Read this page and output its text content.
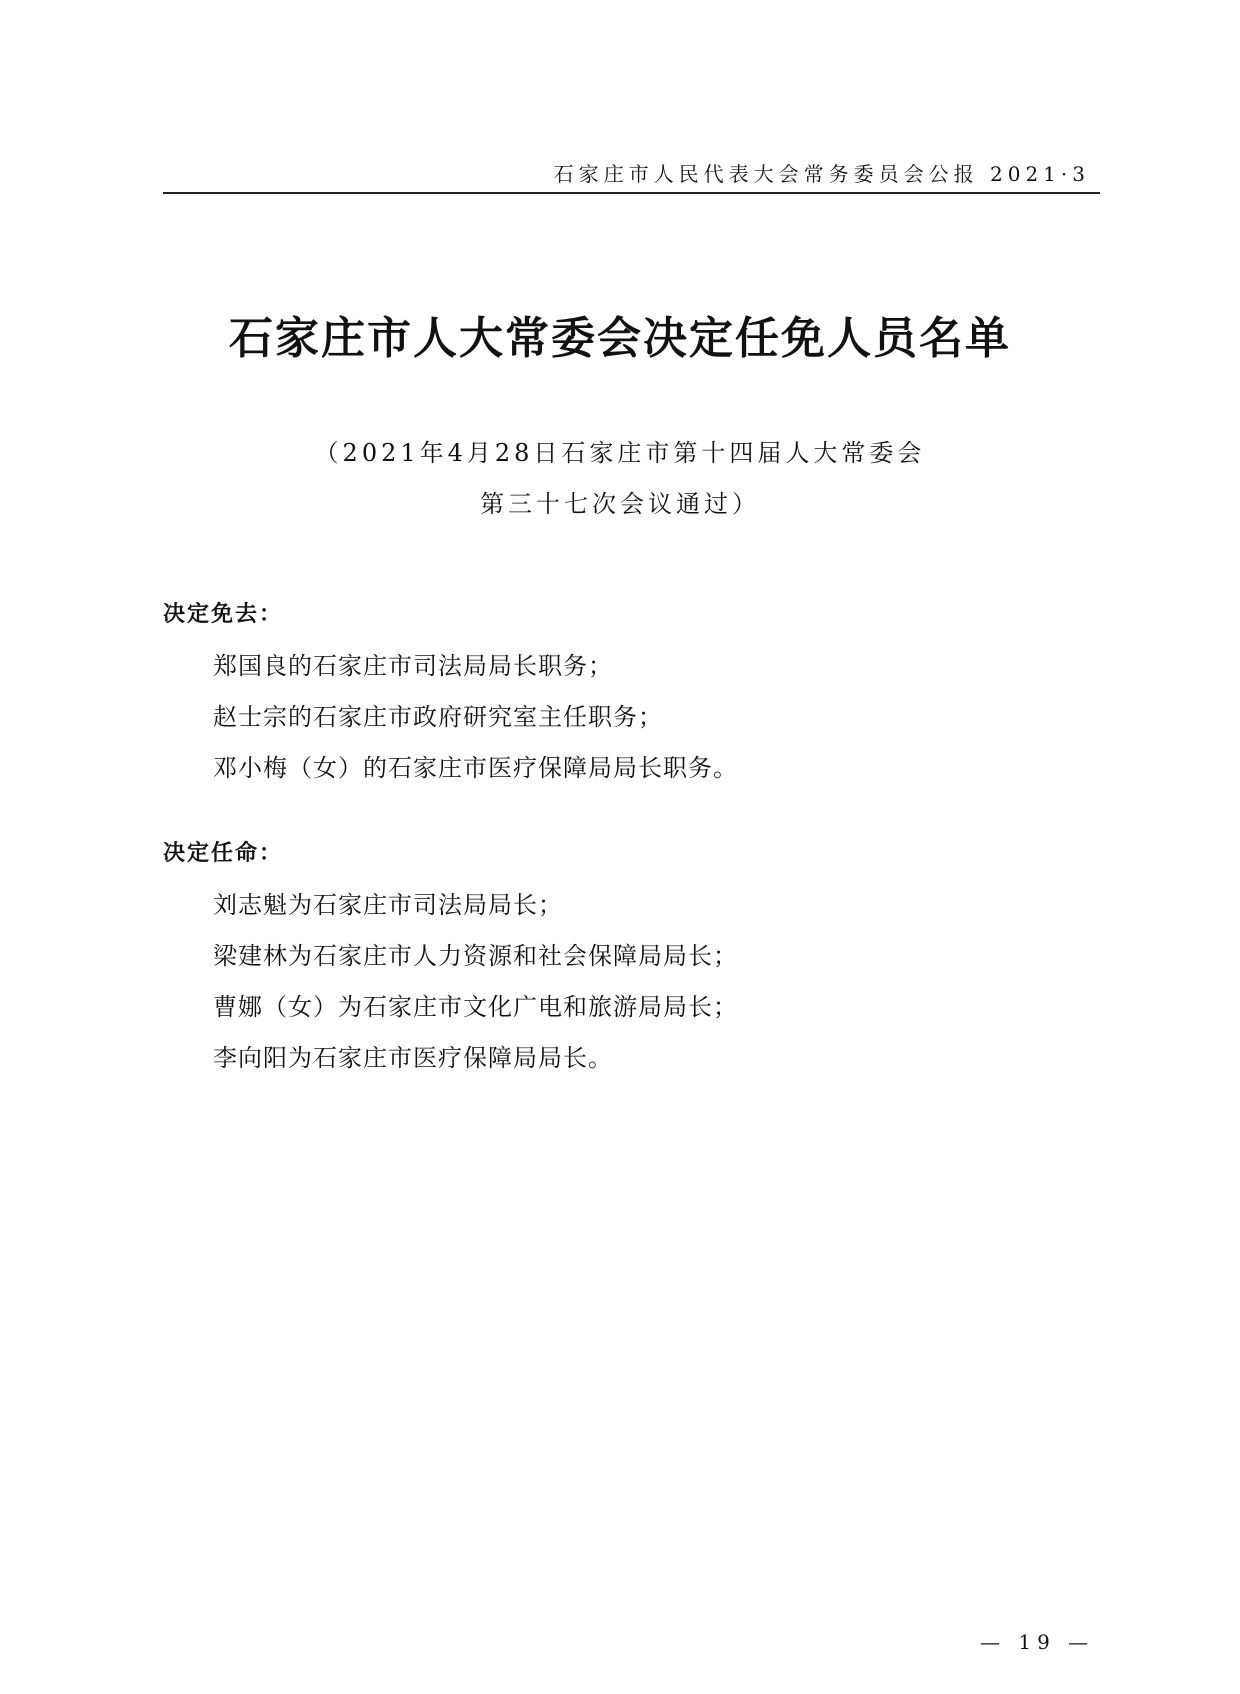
石家庄市人民代表大会常务委员会公报 2021·3
石家庄市人大常委会决定任免人员名单
（2021年4月28日石家庄市第十四届人大常委会
第三十七次会议通过）
决定免去：
郑国良的石家庄市司法局局长职务；
赵士宗的石家庄市政府研究室主任职务；
邓小梅（女）的石家庄市医疗保障局局长职务。
决定任命：
刘志魁为石家庄市司法局局长；
梁建林为石家庄市人力资源和社会保障局局长；
曹娜（女）为石家庄市文化广电和旅游局局长；
李向阳为石家庄市医疗保障局局长。
— 19 —
